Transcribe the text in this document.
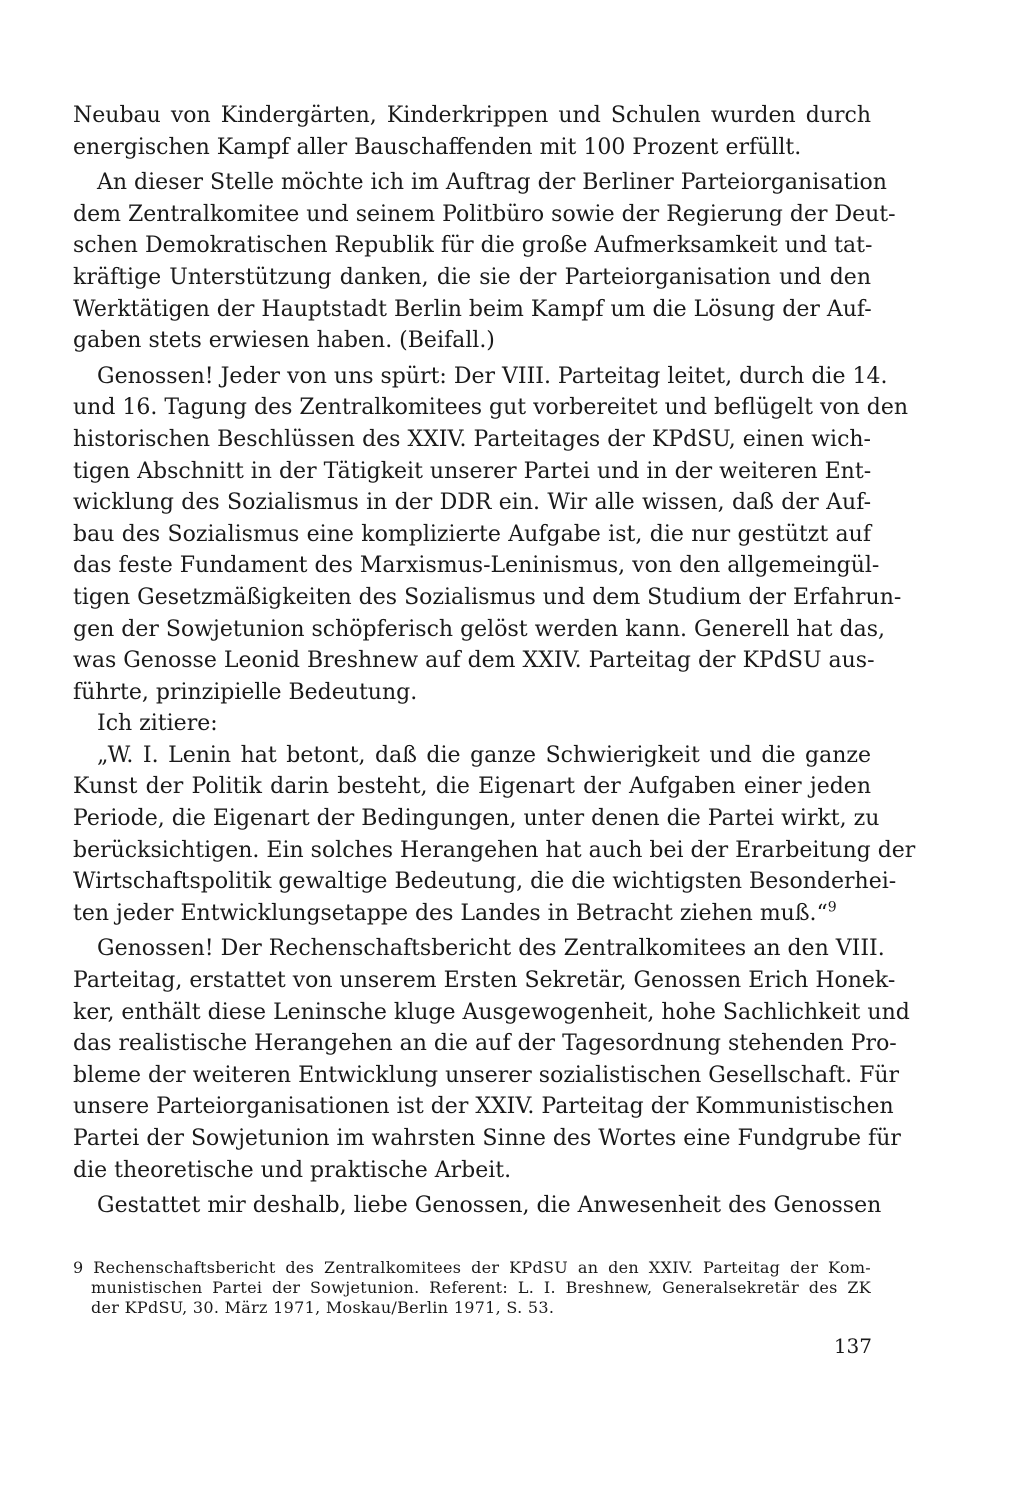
Neubau von Kindergärten, Kinderkrippen und Schulen wurden durch
energischen Kampf aller Bauschaffenden mit 100 Prozent erfüllt.

An dieser Stelle möchte ich im Auftrag der Berliner Parteiorganisation
dem Zentralkomitee und seinem Politbüro sowie der Regierung der Deut-
schen Demokratischen Republik für die große Aufmerksamkeit und tat-
kräftige Unterstützung danken, die sie der Parteiorganisation und den
Werktätigen der Hauptstadt Berlin beim Kampf um die Lösung der Auf-
gaben stets erwiesen haben. (Beifall.)

Genossen! Jeder von uns spürt: Der VIII. Parteitag leitet, durch die 14.
und 16. Tagung des Zentralkomitees gut vorbereitet und beflügelt von den
historischen Beschlüssen des XXIV. Parteitages der KPdSU, einen wich-
tigen Abschnitt in der Tätigkeit unserer Partei und in der weiteren Ent-
wicklung des Sozialismus in der DDR ein. Wir alle wissen, daß der Auf-
bau des Sozialismus eine komplizierte Aufgabe ist, die nur gestützt auf
das feste Fundament des Marxismus-Leninismus, von den allgemeingül-
tigen Gesetzmäßigkeiten des Sozialismus und dem Studium der Erfahrun-
gen der Sowjetunion schöpferisch gelöst werden kann. Generell hat das,
was Genosse Leonid Breshnew auf dem XXIV. Parteitag der KPdSU aus-
führte, prinzipielle Bedeutung.

Ich zitiere:

„W. I. Lenin hat betont, daß die ganze Schwierigkeit und die ganze
Kunst der Politik darin besteht, die Eigenart der Aufgaben einer jeden
Periode, die Eigenart der Bedingungen, unter denen die Partei wirkt, zu
berücksichtigen. Ein solches Herangehen hat auch bei der Erarbeitung der
Wirtschaftspolitik gewaltige Bedeutung, die die wichtigsten Besonderhei-
ten jeder Entwicklungsetappe des Landes in Betracht ziehen muß.“$^9$

Genossen! Der Rechenschaftsbericht des Zentralkomitees an den VIII.
Parteitag, erstattet von unserem Ersten Sekretär, Genossen Erich Honek-
ker, enthält diese Leninsche kluge Ausgewogenheit, hohe Sachlichkeit und
das realistische Herangehen an die auf der Tagesordnung stehenden Pro-
bleme der weiteren Entwicklung unserer sozialistischen Gesellschaft. Für
unsere Parteiorganisationen ist der XXIV. Parteitag der Kommunistischen
Partei der Sowjetunion im wahrsten Sinne des Wortes eine Fundgrube für
die theoretische und praktische Arbeit.

Gestattet mir deshalb, liebe Genossen, die Anwesenheit des Genossen

9 Rechenschaftsbericht des Zentralkomitees der KPdSU an den XXIV. Parteitag der Kom-
munistischen Partei der Sowjetunion. Referent: L. I. Breshnew, Generalsekretär des ZK
der KPdSU, 30. März 1971, Moskau/Berlin 1971, S. 53.
137
